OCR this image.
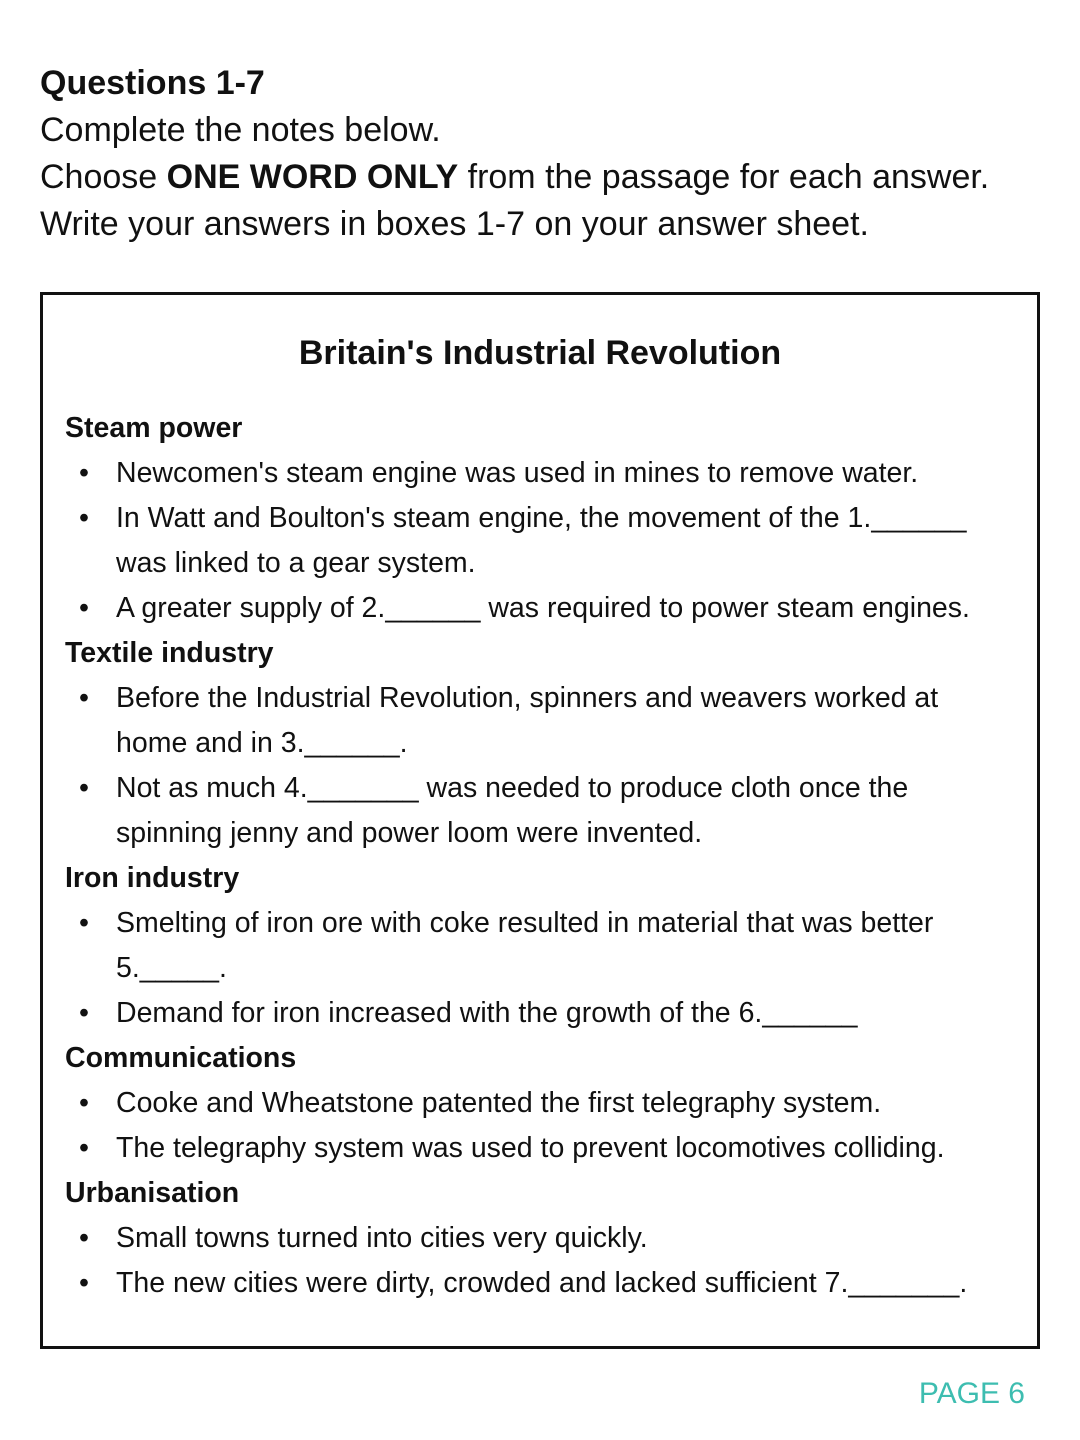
Questions 1-7
Complete the notes below.
Choose ONE WORD ONLY from the passage for each answer.
Write your answers in boxes 1-7 on your answer sheet.
Britain's Industrial Revolution
Steam power
• Newcomen's steam engine was used in mines to remove water.
• In Watt and Boulton's steam engine, the movement of the 1.______ was linked to a gear system.
• A greater supply of 2.______ was required to power steam engines.
Textile industry
• Before the Industrial Revolution, spinners and weavers worked at home and in 3.______.
• Not as much 4._______ was needed to produce cloth once the spinning jenny and power loom were invented.
Iron industry
• Smelting of iron ore with coke resulted in material that was better 5._____.
• Demand for iron increased with the growth of the 6.______
Communications
• Cooke and Wheatstone patented the first telegraphy system.
• The telegraphy system was used to prevent locomotives colliding.
Urbanisation
• Small towns turned into cities very quickly.
• The new cities were dirty, crowded and lacked sufficient 7._______.
PAGE 6
